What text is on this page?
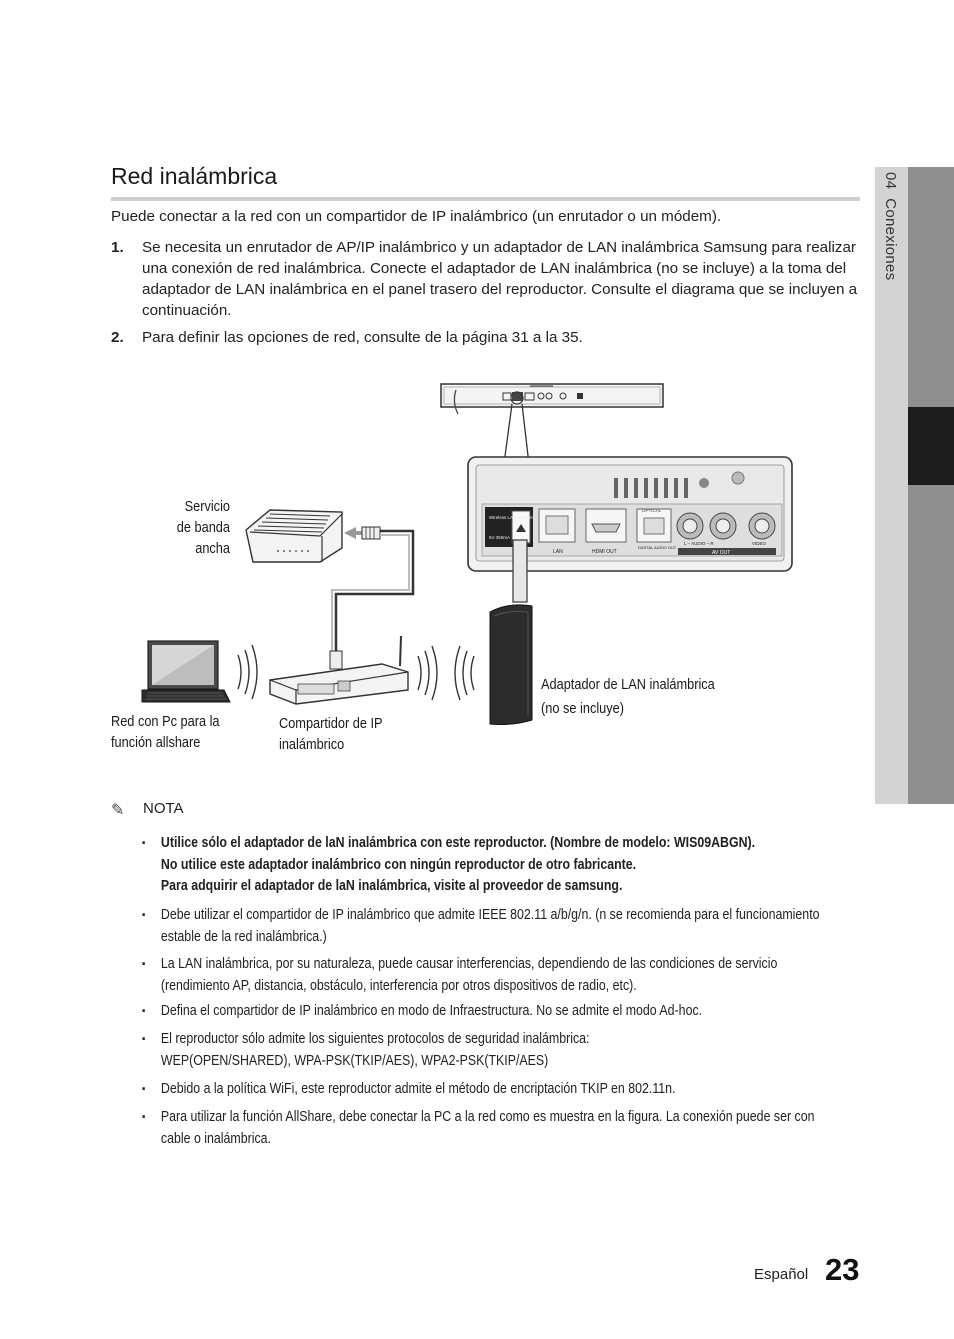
04  Conexiones
Red inalámbrica
Puede conectar a la red con un compartidor de IP inalámbrico (un enrutador o un módem).
1. Se necesita un enrutador de AP/IP inalámbrico y un adaptador de LAN inalámbrica Samsung para realizar una conexión de red inalámbrica. Conecte el adaptador de LAN inalámbrica (no se incluye) a la toma del adaptador de LAN inalámbrica en el panel trasero del reproductor. Consulte el diagrama que se incluyen a continuación.
2. Para definir las opciones de red, consulte de la página 31 a la 35.
Wireless LAN Adapter
5V 350mA
LAN	HDMI OUT
OPTICAL
DIGITAL AUDIO OUT
L – AUDIO – R	VIDEO
AV OUT
Servicio
de banda
ancha
Red con Pc para la
función allshare
Compartidor de IP
inalámbrico
Adaptador de LAN inalámbrica
(no se incluye)
✎ NOTA
▪ Utilice sólo el adaptador de laN inalámbrica con este reproductor. (Nombre de modelo: WIS09ABGN).
No utilice este adaptador inalámbrico con ningún reproductor de otro fabricante.
Para adquirir el adaptador de laN inalámbrica, visite al proveedor de samsung.
▪ Debe utilizar el compartidor de IP inalámbrico que admite IEEE 802.11 a/b/g/n. (n se recomienda para el funcionamiento
estable de la red inalámbrica.)
▪ La LAN inalámbrica, por su naturaleza, puede causar interferencias, dependiendo de las condiciones de servicio
(rendimiento AP, distancia, obstáculo, interferencia por otros dispositivos de radio, etc).
▪ Defina el compartidor de IP inalámbrico en modo de Infraestructura. No se admite el modo Ad-hoc.
▪ El reproductor sólo admite los siguientes protocolos de seguridad inalámbrica:
WEP(OPEN/SHARED), WPA-PSK(TKIP/AES), WPA2-PSK(TKIP/AES)
▪ Debido a la política WiFi, este reproductor admite el método de encriptación TKIP en 802.11n.
▪ Para utilizar la función AllShare, debe conectar la PC a la red como es muestra en la figura. La conexión puede ser con
cable o inalámbrica.
Español 23
